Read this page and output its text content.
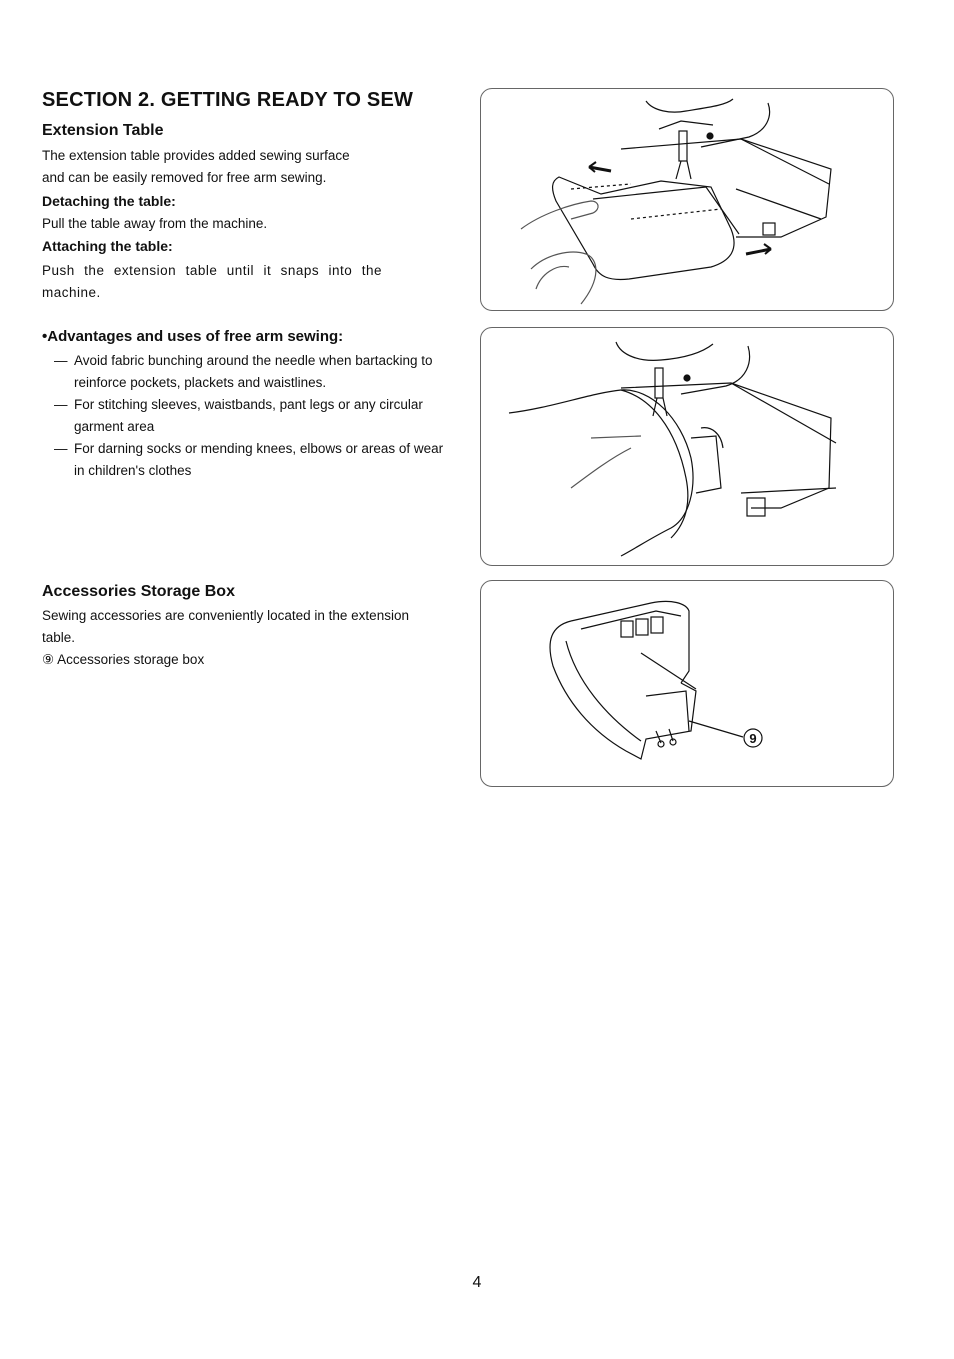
SECTION 2. GETTING READY TO SEW
Extension Table

The extension table provides added sewing surface

and can be easily removed for free arm sewing.

Detaching the table:

Pull the table away from the machine.

Attaching the table:

Push the extension table until it snaps into the machine.

•Advantages and uses of free arm sewing:
— Avoid fabric bunching around the needle when bartacking to reinforce pockets, plackets and waistlines.
— For stitching sleeves, waistbands, pant legs or any circular garment area
— For darning socks or mending knees, elbows or areas of wear in children's clothes
Accessories Storage Box

Sewing accessories are conveniently located in the extension table.

⑨ Accessories storage box

9
4
